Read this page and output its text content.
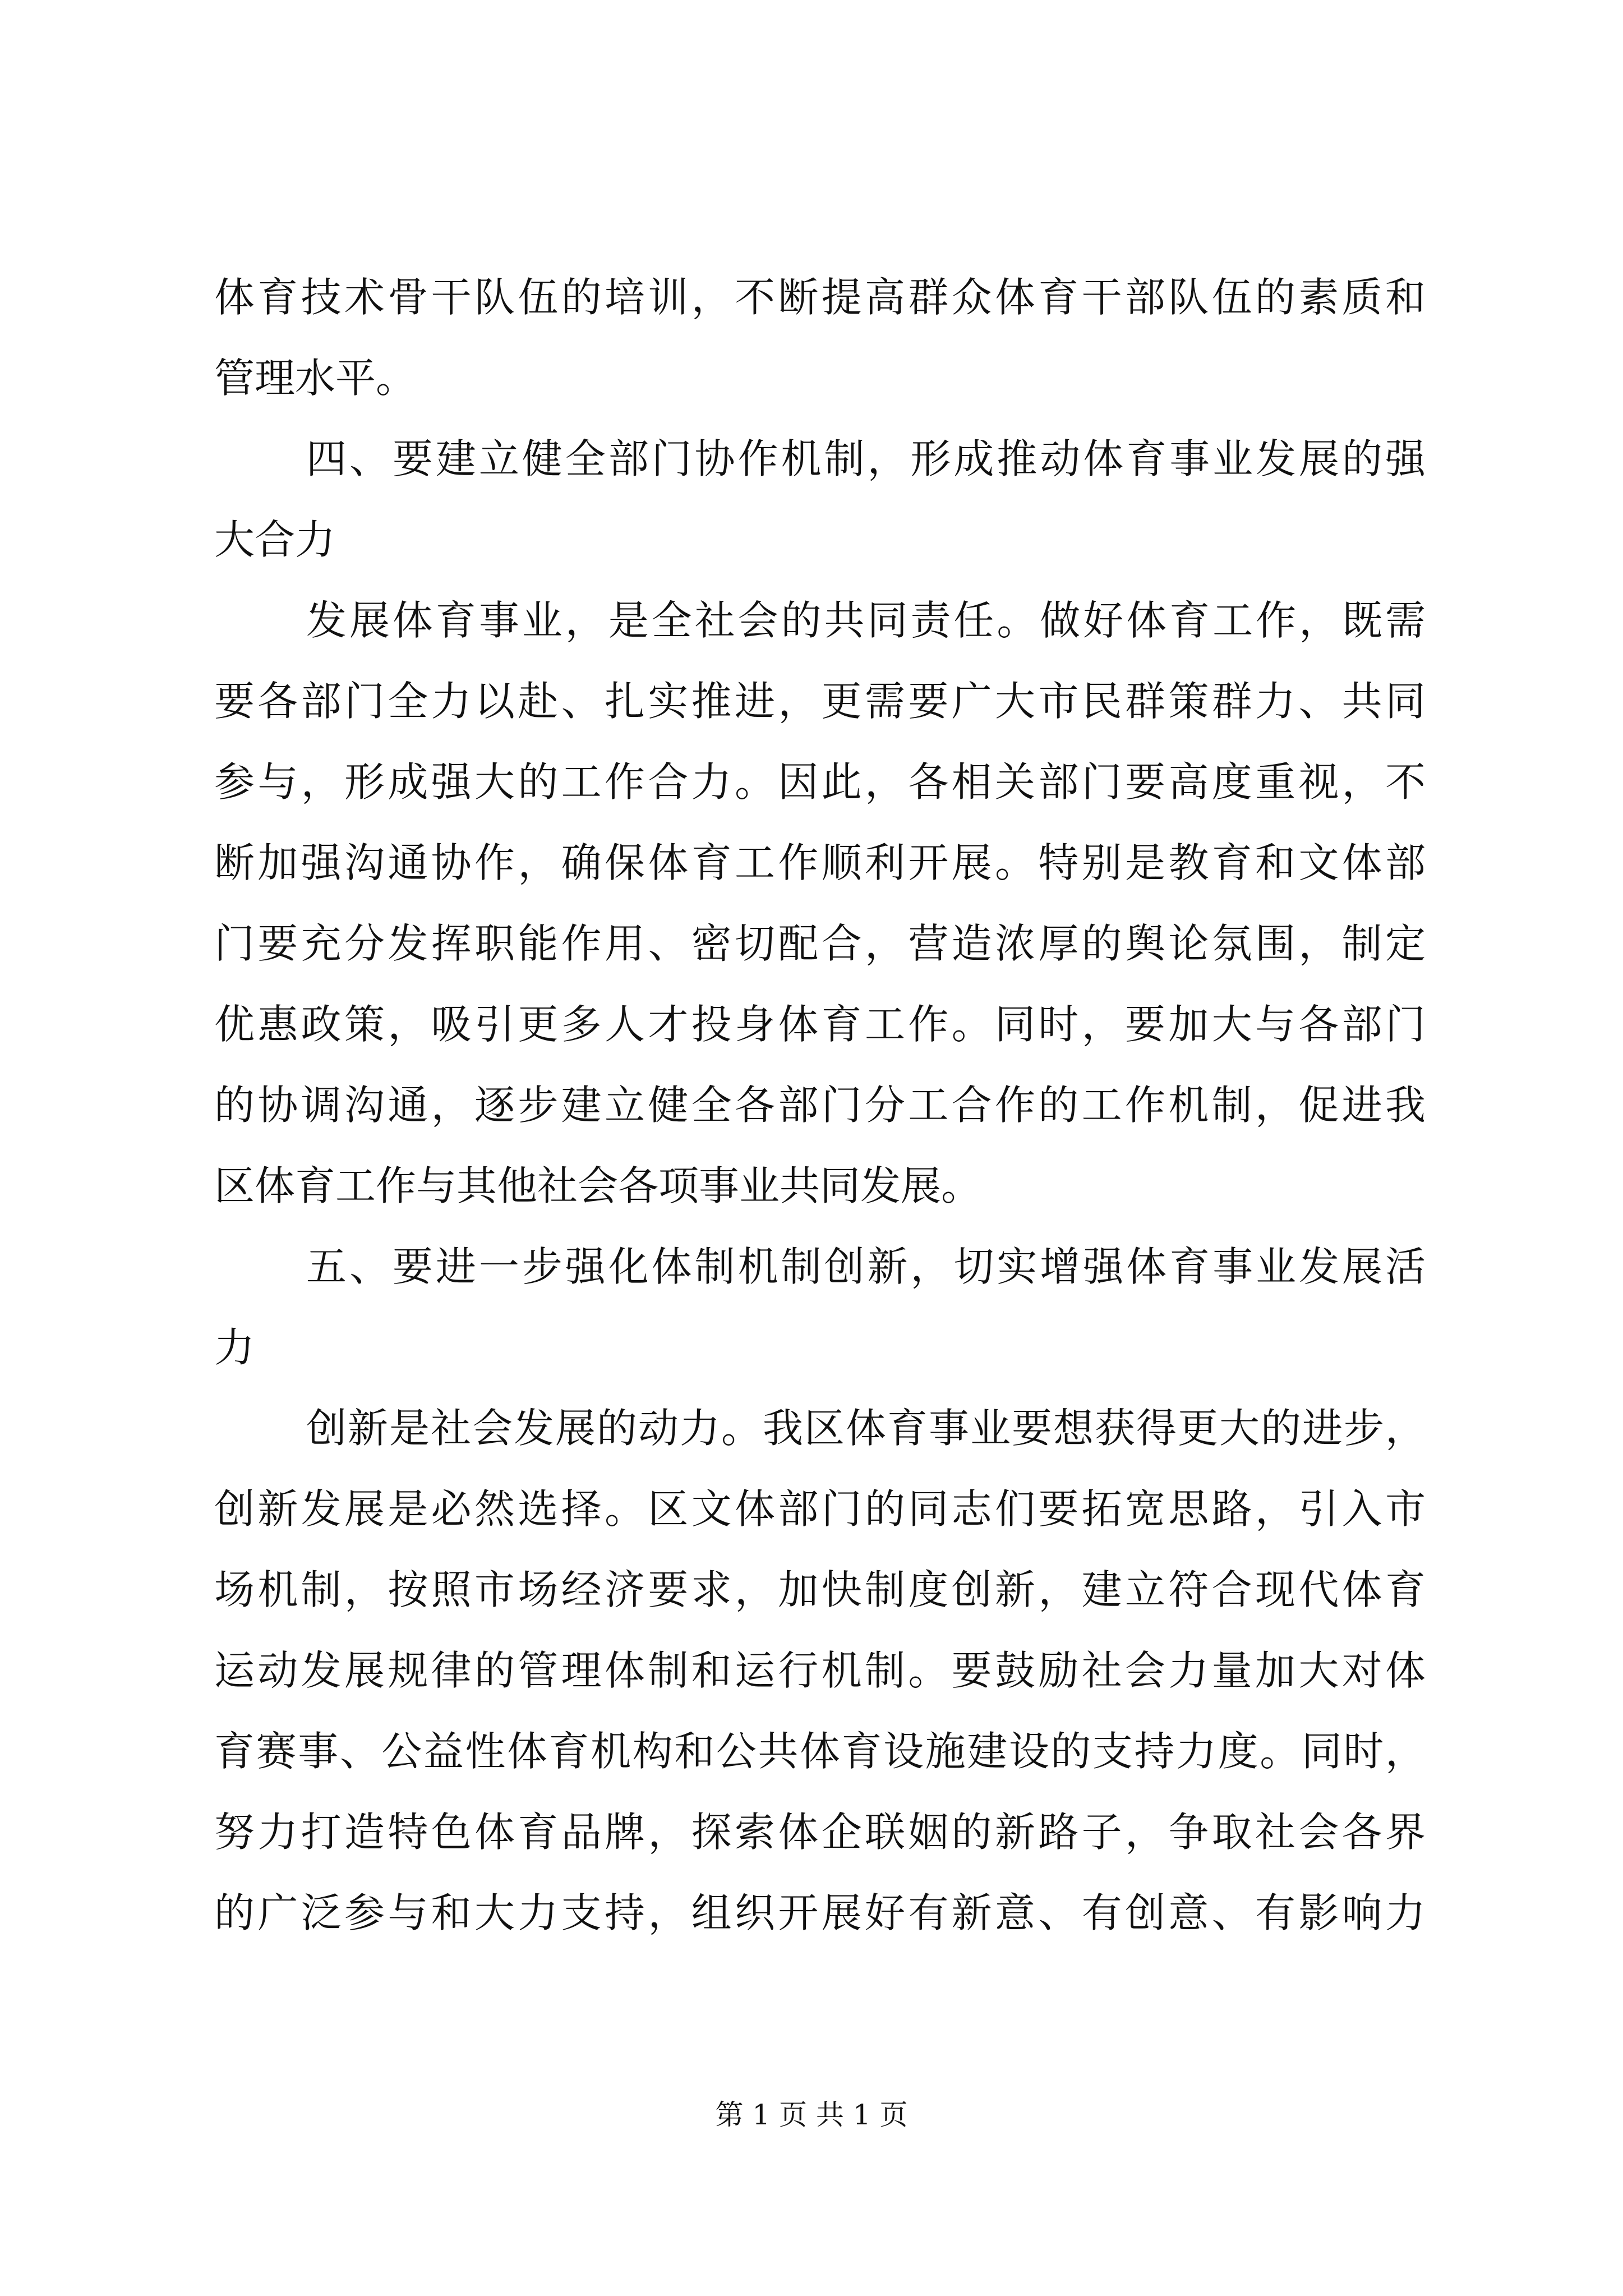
体育技术骨干队伍的培训，不断提高群众体育干部队伍的素质和
管理水平。
四、要建立健全部门协作机制，形成推动体育事业发展的强
大合力
发展体育事业，是全社会的共同责任。做好体育工作，既需
要各部门全力以赴、扎实推进，更需要广大市民群策群力、共同
参与，形成强大的工作合力。因此，各相关部门要高度重视，不
断加强沟通协作，确保体育工作顺利开展。特别是教育和文体部
门要充分发挥职能作用、密切配合，营造浓厚的舆论氛围，制定
优惠政策，吸引更多人才投身体育工作。同时，要加大与各部门
的协调沟通，逐步建立健全各部门分工合作的工作机制，促进我
区体育工作与其他社会各项事业共同发展。
五、要进一步强化体制机制创新，切实增强体育事业发展活
力
创新是社会发展的动力。我区体育事业要想获得更大的进步，
创新发展是必然选择。区文体部门的同志们要拓宽思路，引入市
场机制，按照市场经济要求，加快制度创新，建立符合现代体育
运动发展规律的管理体制和运行机制。要鼓励社会力量加大对体
育赛事、公益性体育机构和公共体育设施建设的支持力度。同时，
努力打造特色体育品牌，探索体企联姻的新路子，争取社会各界
的广泛参与和大力支持，组织开展好有新意、有创意、有影响力
第 1 页 共 1 页
